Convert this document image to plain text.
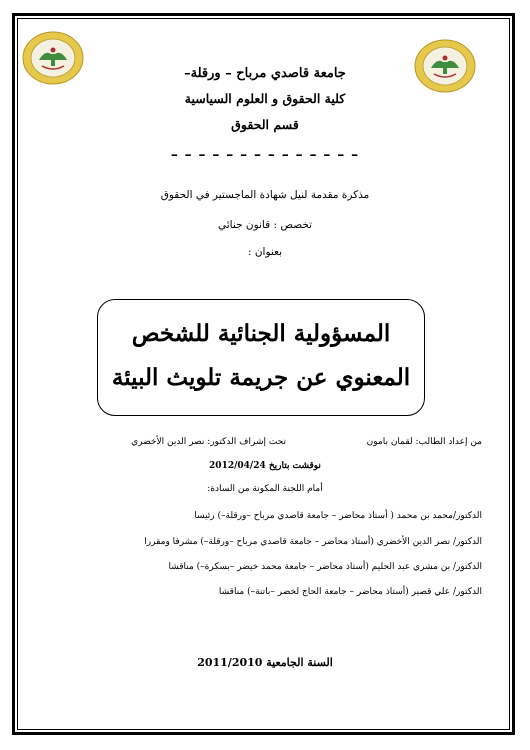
جامعة قاصدي مرباح – ورقلة–
كلية الحقوق و العلوم السياسية
قسم الحقوق
– – – – – – – – – – – – – –
مذكرة مقدمة لنيل شهادة الماجستير في الحقوق
تخصص : قانون جنائي
بعنوان :
المسؤولية الجنائية للشخص
المعنوي عن جريمة تلويث البيئة
من إعداد الطالب: لقمان بامون
تحت إشراف الدكتور: نصر الدين الأخضري
نوقشت بتاريخ 2012/04/24
أمام اللجنة المكونة من السادة:
الدكتور/محمد بن محمد ( أستاذ محاضر – جامعة قاصدي مرباح –ورقلة–) رئيسا
الدكتور/ نصر الدين الأخضري (أستاذ محاضر – جامعة قاصدي مرباح –ورقلة–) مشرفا ومقررا
الدكتور/ بن مشري عبد الحليم (أستاذ محاضر – جامعة محمد خيضر –بسكرة–) مناقشا
الدكتور/ علي قصير (أستاذ محاضر – جامعة الحاج لخضر –باتنة–) مناقشا
السنة الجامعية 2011/2010
